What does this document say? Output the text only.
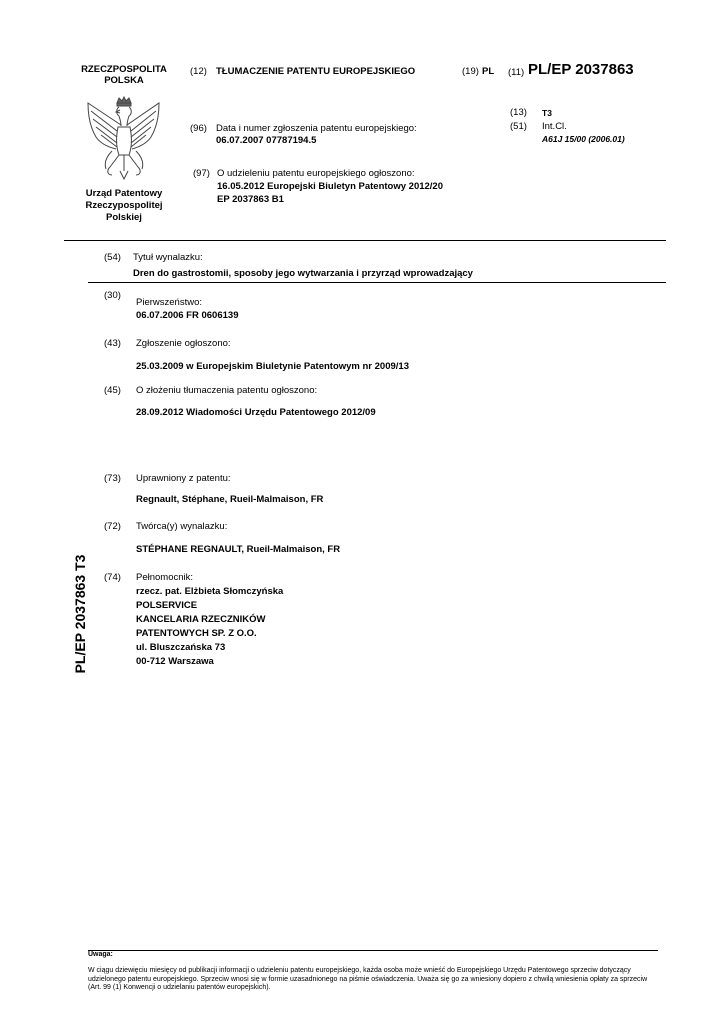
RZECZPOSPOLITA
POLSKA
Urząd Patentowy
Rzeczypospolitej
Polskiej
(12) TŁUMACZENIE PATENTU EUROPEJSKIEGO	(19) PL (11) PL/EP 2037863
(13) T3
(51) Int.Cl.
A61J 15/00 (2006.01)
(96) Data i numer zgłoszenia patentu europejskiego:
06.07.2007 07787194.5
(97) O udzieleniu patentu europejskiego ogłoszono:
16.05.2012 Europejski Biuletyn Patentowy 2012/20
EP 2037863 B1
(54) Tytuł wynalazku:
Dren do gastrostomii, sposoby jego wytwarzania i przyrząd wprowadzający
(30)
Pierwszeństwo:
06.07.2006 FR 0606139
(43) Zgłoszenie ogłoszono:
25.03.2009 w Europejskim Biuletynie Patentowym nr 2009/13
(45) O złożeniu tłumaczenia patentu ogłoszono:
28.09.2012 Wiadomości Urzędu Patentowego 2012/09
(73) Uprawniony z patentu:
Regnault, Stéphane, Rueil-Malmaison, FR
(72) Twórca(y) wynalazku:
STÉPHANE REGNAULT, Rueil-Malmaison, FR
(74) Pełnomocnik:
rzecz. pat. Elżbieta Słomczyńska
POLSERVICE
KANCELARIA RZECZNIKÓW
PATENTOWYCH SP. Z O.O.
ul. Bluszczańska 73
00-712 Warszawa
PL/EP 2037863 T3
Uwaga:
W ciągu dziewięciu miesięcy od publikacji informacji o udzieleniu patentu europejskiego, każda osoba może wnieść do Europejskiego Urzędu Patentowego sprzeciw dotyczący udzielonego patentu europejskiego. Sprzeciw wnosi się w formie uzasadnionego na piśmie oświadczenia. Uważa się go za wniesiony dopiero z chwilą wniesienia opłaty za sprzeciw (Art. 99 (1) Konwencji o udzielaniu patentów europejskich).
